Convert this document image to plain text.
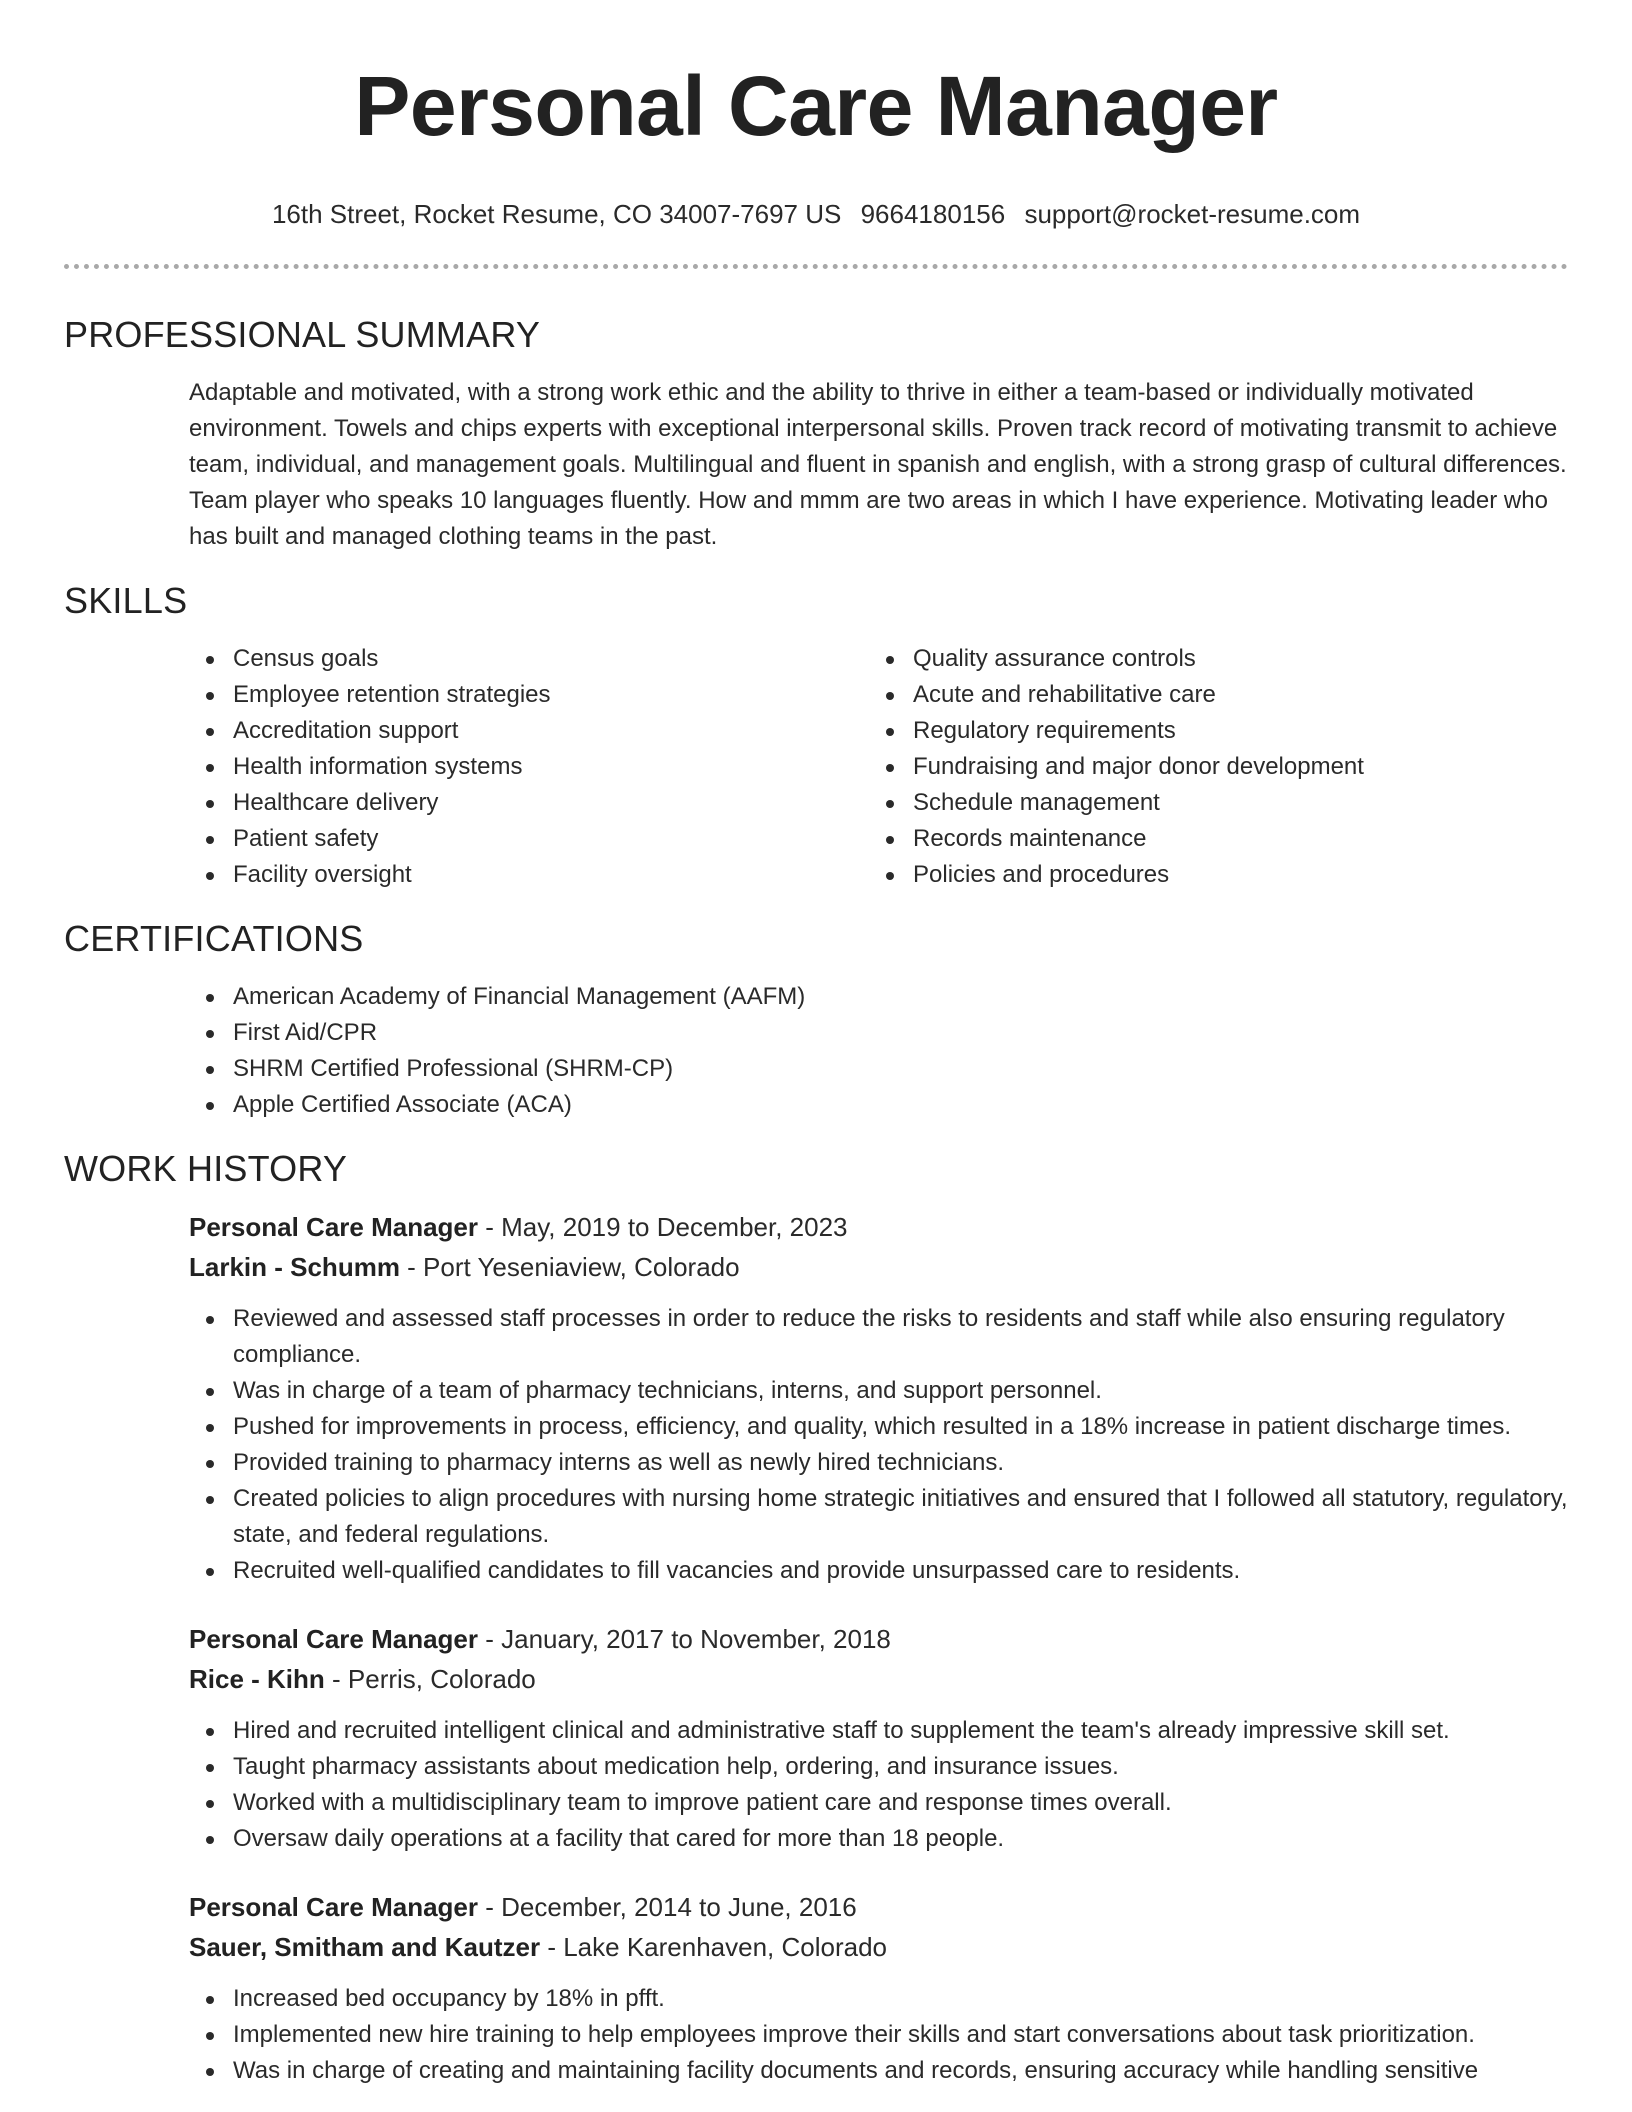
Personal Care Manager
16th Street, Rocket Resume, CO 34007-7697 US 9664180156 support@rocket-resume.com
PROFESSIONAL SUMMARY
Adaptable and motivated, with a strong work ethic and the ability to thrive in either a team-based or individually motivated environment. Towels and chips experts with exceptional interpersonal skills. Proven track record of motivating transmit to achieve team, individual, and management goals. Multilingual and fluent in spanish and english, with a strong grasp of cultural differences. Team player who speaks 10 languages fluently. How and mmm are two areas in which I have experience. Motivating leader who has built and managed clothing teams in the past.
SKILLS
Census goals
Employee retention strategies
Accreditation support
Health information systems
Healthcare delivery
Patient safety
Facility oversight
Quality assurance controls
Acute and rehabilitative care
Regulatory requirements
Fundraising and major donor development
Schedule management
Records maintenance
Policies and procedures
CERTIFICATIONS
American Academy of Financial Management (AAFM)
First Aid/CPR
SHRM Certified Professional (SHRM-CP)
Apple Certified Associate (ACA)
WORK HISTORY
Personal Care Manager - May, 2019 to December, 2023
Larkin - Schumm - Port Yeseniaview, Colorado
Reviewed and assessed staff processes in order to reduce the risks to residents and staff while also ensuring regulatory compliance.
Was in charge of a team of pharmacy technicians, interns, and support personnel.
Pushed for improvements in process, efficiency, and quality, which resulted in a 18% increase in patient discharge times.
Provided training to pharmacy interns as well as newly hired technicians.
Created policies to align procedures with nursing home strategic initiatives and ensured that I followed all statutory, regulatory, state, and federal regulations.
Recruited well-qualified candidates to fill vacancies and provide unsurpassed care to residents.
Personal Care Manager - January, 2017 to November, 2018
Rice - Kihn - Perris, Colorado
Hired and recruited intelligent clinical and administrative staff to supplement the team's already impressive skill set.
Taught pharmacy assistants about medication help, ordering, and insurance issues.
Worked with a multidisciplinary team to improve patient care and response times overall.
Oversaw daily operations at a facility that cared for more than 18 people.
Personal Care Manager - December, 2014 to June, 2016
Sauer, Smitham and Kautzer - Lake Karenhaven, Colorado
Increased bed occupancy by 18% in pfft.
Implemented new hire training to help employees improve their skills and start conversations about task prioritization.
Was in charge of creating and maintaining facility documents and records, ensuring accuracy while handling sensitive
